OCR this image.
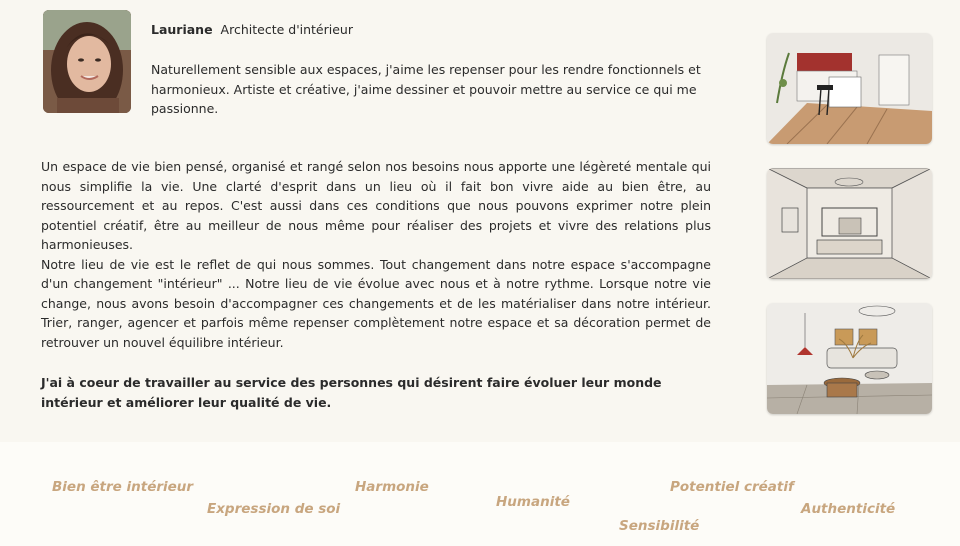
Lauriane Architecte d'intérieur
Naturellement sensible aux espaces, j'aime les repenser pour les rendre fonctionnels et harmonieux. Artiste et créative, j'aime dessiner et pouvoir mettre au service ce qui me passionne.

Un espace de vie bien pensé, organisé et rangé selon nos besoins nous apporte une légèreté mentale qui nous simplifie la vie. Une clarté d'esprit dans un lieu où il fait bon vivre aide au bien être, au ressourcement et au repos. C'est aussi dans ces conditions que nous pouvons exprimer notre plein potentiel créatif, être au meilleur de nous même pour réaliser des projets et vivre des relations plus harmonieuses.

Notre lieu de vie est le reflet de qui nous sommes. Tout changement dans notre espace s'accompagne d'un changement "intérieur" ... Notre lieu de vie évolue avec nous et à notre rythme. Lorsque notre vie change, nous avons besoin d'accompagner ces changements et de les matérialiser dans notre intérieur. Trier, ranger, agencer et parfois même repenser complètement notre espace et sa décoration permet de retrouver un nouvel équilibre intérieur.

J'ai à coeur de travailler au service des personnes qui désirent faire évoluer leur monde intérieur et améliorer leur qualité de vie.
Bien être intérieur
Expression de soi
Harmonie
Humanité
Sensibilité
Potentiel créatif
Authenticité
